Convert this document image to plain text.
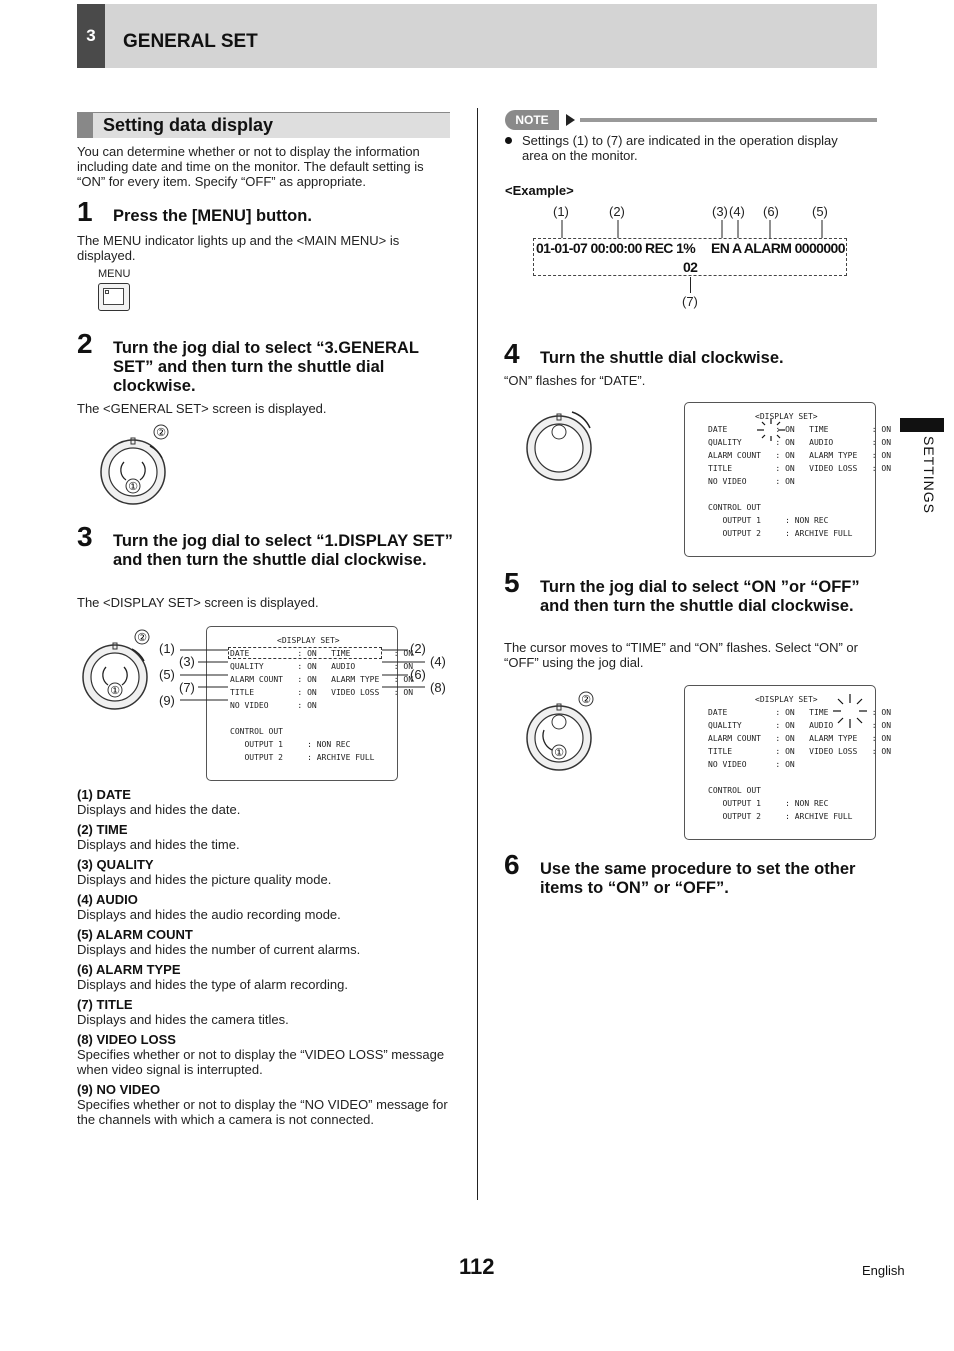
3 GENERAL SET
SETTINGS
Setting data display
You can determine whether or not to display the information including date and time on the monitor. The default setting is “ON” for every item. Specify “OFF” as appropriate.
1 Press the [MENU] button.
The MENU indicator lights up and the <MAIN MENU> is displayed.
MENU
2 Turn the jog dial to select “3.GENERAL SET” and then turn the shuttle dial clockwise.
The <GENERAL SET> screen is displayed.
②
①
3 Turn the jog dial to select “1.DISPLAY SET” and then turn the shuttle dial clockwise.
The <DISPLAY SET> screen is displayed.
②
①
<DISPLAY SET>
DATE          : ON   TIME         : ON
QUALITY       : ON   AUDIO        : ON
ALARM COUNT   : ON   ALARM TYPE   : ON
TITLE         : ON   VIDEO LOSS   : ON
NO VIDEO      : ON
CONTROL OUT
OUTPUT 1     : NON REC
OUTPUT 2     : ARCHIVE FULL
(1)
(3)
(5)
(7)
(9)
(2)
(4)
(6)
(8)
(1) DATE
Displays and hides the date.
(2) TIME
Displays and hides the time.
(3) QUALITY
Displays and hides the picture quality mode.
(4) AUDIO
Displays and hides the audio recording mode.
(5) ALARM COUNT
Displays and hides the number of current alarms.
(6) ALARM TYPE
Displays and hides the type of alarm recording.
(7) TITLE
Displays and hides the camera titles.
(8) VIDEO LOSS
Specifies whether or not to display the “VIDEO LOSS” message when video signal is interrupted.
(9) NO VIDEO
Specifies whether or not to display the “NO VIDEO” message for the channels with which a camera is not connected.
NOTE
Settings (1) to (7) are indicated in the operation display area on the monitor.
<Example>
(1)	(2)	(3) (4) (6)	(5)
01-01-07 00:00:00 REC 1% EN A ALARM 0000000
02
(7)
4 Turn the shuttle dial clockwise.
“ON” flashes for “DATE”.
<DISPLAY SET>
DATE          : ON   TIME         : ON
QUALITY       : ON   AUDIO        : ON
ALARM COUNT   : ON   ALARM TYPE   : ON
TITLE         : ON   VIDEO LOSS   : ON
NO VIDEO      : ON
CONTROL OUT
OUTPUT 1     : NON REC
OUTPUT 2     : ARCHIVE FULL
5 Turn the jog dial to select “ON ”or “OFF” and then turn the shuttle dial clockwise.
The cursor moves to “TIME” and “ON” flashes. Select “ON” or “OFF” using the jog dial.
②
①
<DISPLAY SET>
DATE          : ON   TIME         : ON
QUALITY       : ON   AUDIO        : ON
ALARM COUNT   : ON   ALARM TYPE   : ON
TITLE         : ON   VIDEO LOSS   : ON
NO VIDEO      : ON
CONTROL OUT
OUTPUT 1     : NON REC
OUTPUT 2     : ARCHIVE FULL
6 Use the same procedure to set the other items to “ON” or “OFF”.
112	English
